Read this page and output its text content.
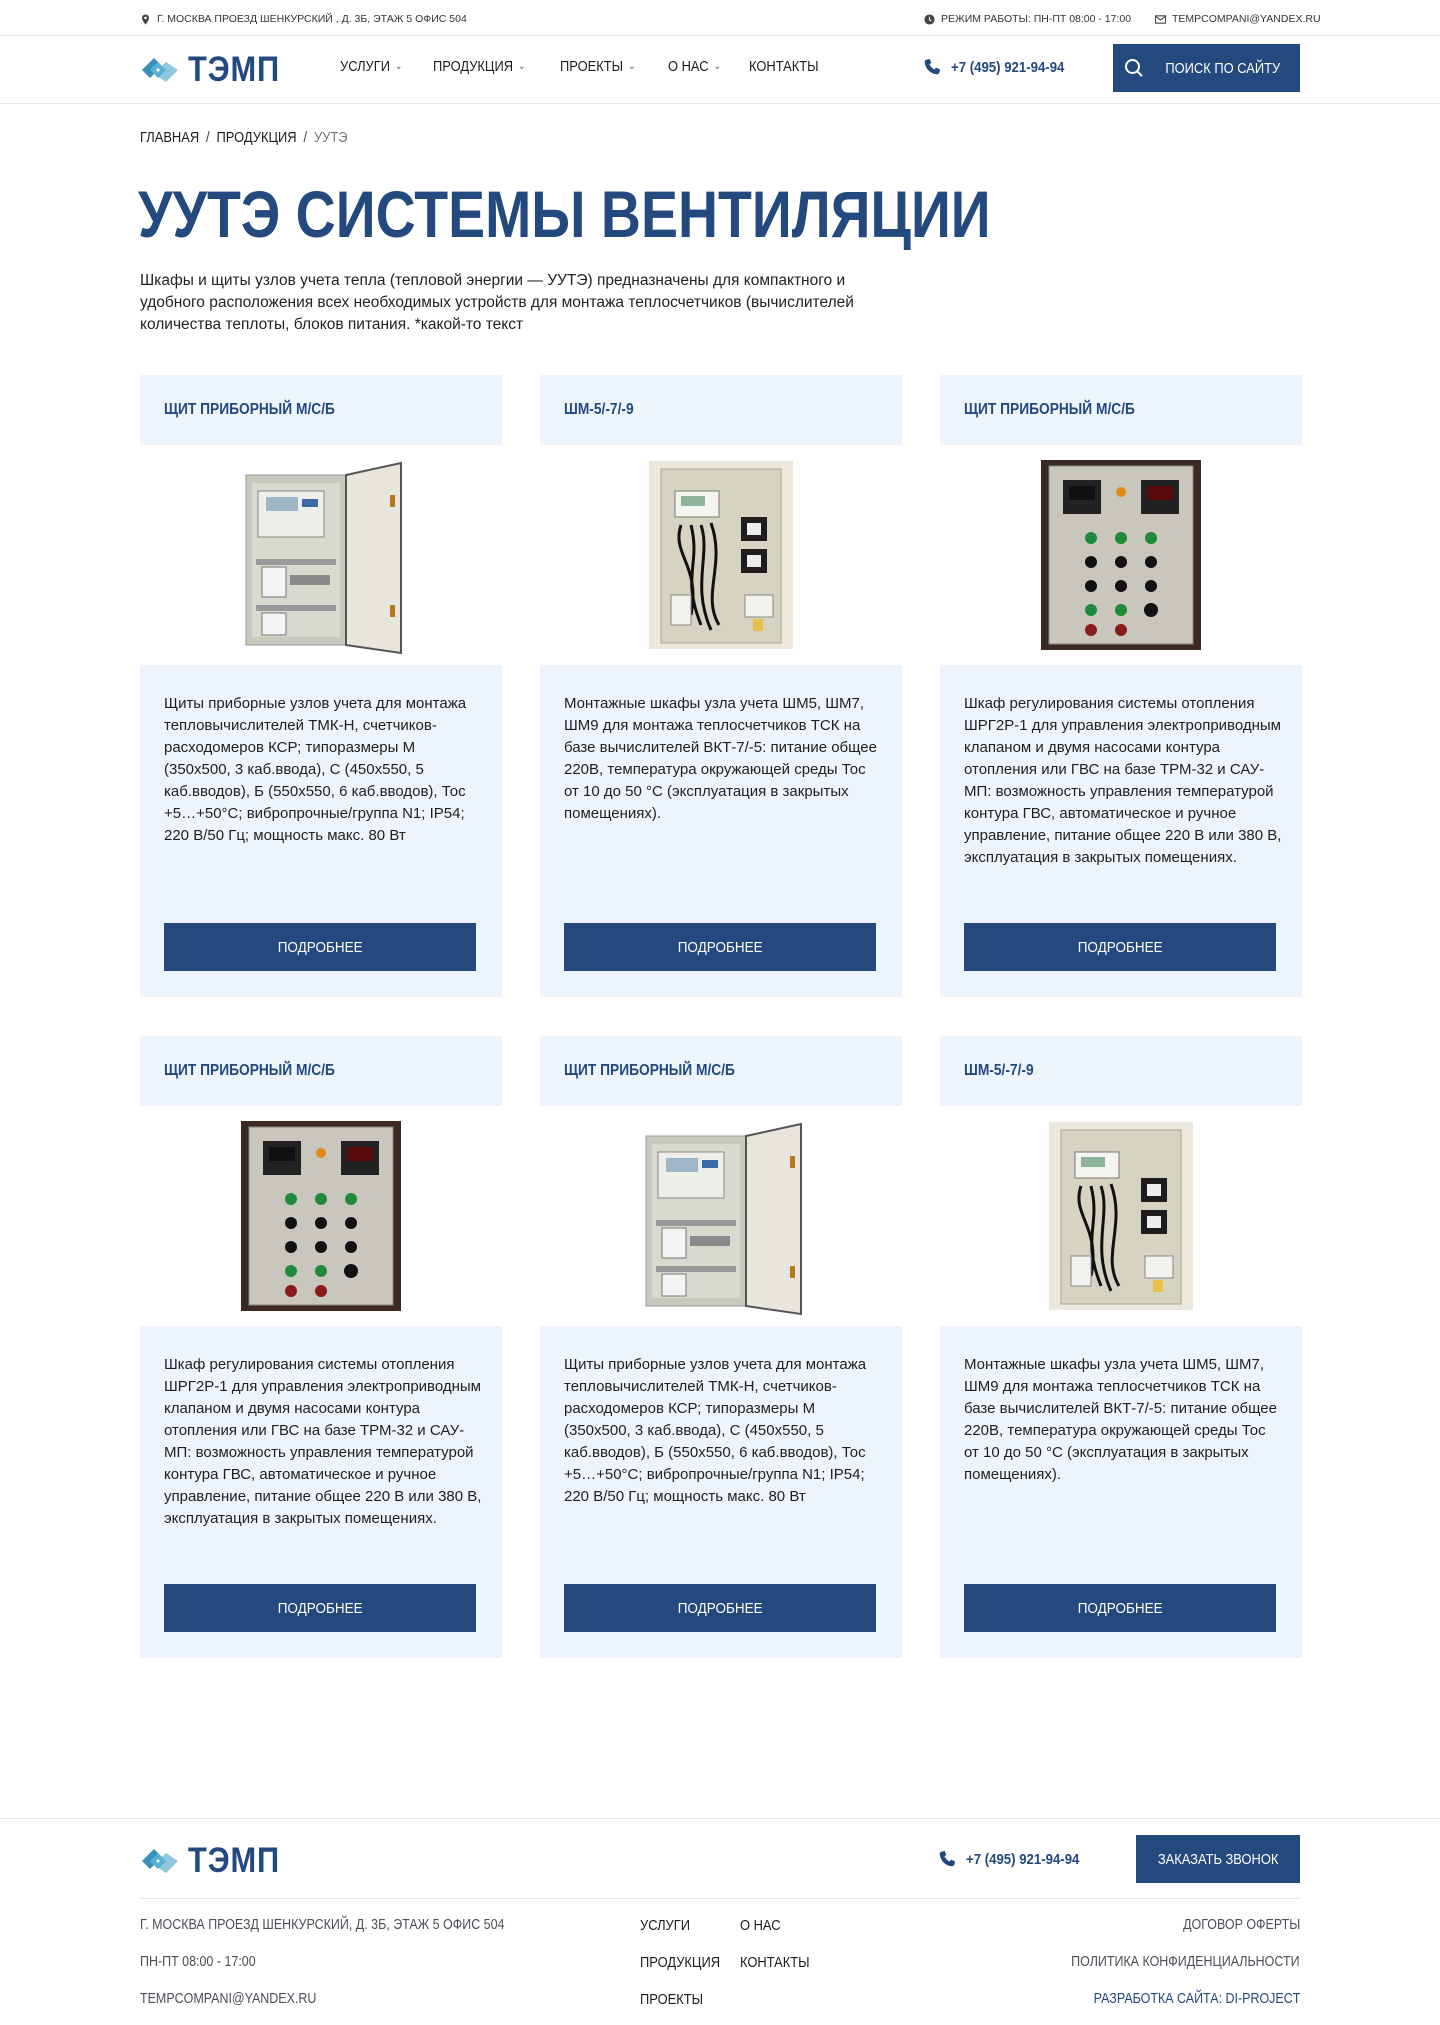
Г. МОСКВА ПРОЕЗД ШЕНКУРСКИЙ , Д. 3Б, ЭТАЖ 5 ОФИС 504	РЕЖИМ РАБОТЫ: ПН-ПТ 08:00 - 17:00	TEMPCOMPANI@YANDEX.RU
ТЭМП	УСЛУГИ ⌄ ПРОДУКЦИЯ ⌄ ПРОЕКТЫ ⌄ О НАС ⌄ КОНТАКТЫ	+7 (495) 921-94-94	ПОИСК ПО САЙТУ
ГЛАВНАЯ / ПРОДУКЦИЯ / УУТЭ
УУТЭ СИСТЕМЫ ВЕНТИЛЯЦИИ

Шкафы и щиты узлов учета тепла (тепловой энергии — УУТЭ) предназначены для компактного и удобного расположения всех необходимых устройств для монтажа теплосчетчиков (вычислителей количества теплоты, блоков питания. *какой-то текст

ЩИТ ПРИБОРНЫЙ М/С/Б
Щиты приборные узлов учета для монтажа тепловычислителей ТМК-Н, счетчиков-расходомеров КСР; типоразмеры М (350x500, 3 каб.ввода), С (450x550, 5 каб.вводов), Б (550x550, 6 каб.вводов), Тос +5…+50°С; вибропрочные/группа N1; IP54; 220 В/50 Гц; мощность макс. 80 Вт
ПОДРОБНЕЕ
ШМ-5/-7/-9
Монтажные шкафы узла учета ШМ5, ШМ7, ШМ9 для монтажа теплосчетчиков ТСК на базе вычислителей ВКТ-7/-5: питание общее 220В, температура окружающей среды Тос от 10 до 50 °С (эксплуатация в закрытых помещениях).
ПОДРОБНЕЕ
ЩИТ ПРИБОРНЫЙ М/С/Б
Шкаф регулирования системы отопления ШРГ2Р-1 для управления электроприводным клапаном и двумя насосами контура отопления или ГВС на базе ТРМ-32 и САУ-МП: возможность управления температурой контура ГВС, автоматическое и ручное управление, питание общее 220 В или 380 В, эксплуатация в закрытых помещениях.
ПОДРОБНЕЕ
ЩИТ ПРИБОРНЫЙ М/С/Б
Шкаф регулирования системы отопления ШРГ2Р-1 для управления электроприводным клапаном и двумя насосами контура отопления или ГВС на базе ТРМ-32 и САУ-МП: возможность управления температурой контура ГВС, автоматическое и ручное управление, питание общее 220 В или 380 В, эксплуатация в закрытых помещениях.
ПОДРОБНЕЕ
ЩИТ ПРИБОРНЫЙ М/С/Б
Щиты приборные узлов учета для монтажа тепловычислителей ТМК-Н, счетчиков-расходомеров КСР; типоразмеры М (350x500, 3 каб.ввода), С (450x550, 5 каб.вводов), Б (550x550, 6 каб.вводов), Тос +5…+50°С; вибропрочные/группа N1; IP54; 220 В/50 Гц; мощность макс. 80 Вт
ПОДРОБНЕЕ
ШМ-5/-7/-9
Монтажные шкафы узла учета ШМ5, ШМ7, ШМ9 для монтажа теплосчетчиков ТСК на базе вычислителей ВКТ-7/-5: питание общее 220В, температура окружающей среды Тос от 10 до 50 °С (эксплуатация в закрытых помещениях).
ПОДРОБНЕЕ
ТЭМП	+7 (495) 921-94-94	ЗАКАЗАТЬ ЗВОНОК
Г. МОСКВА ПРОЕЗД ШЕНКУРСКИЙ, Д. 3Б, ЭТАЖ 5 ОФИС 504
ПН-ПТ 08:00 - 17:00
TEMPCOMPANI@YANDEX.RU
УСЛУГИ
ПРОДУКЦИЯ
ПРОЕКТЫ
О НАС
КОНТАКТЫ
ДОГОВОР ОФЕРТЫ
ПОЛИТИКА КОНФИДЕНЦИАЛЬНОСТИ
РАЗРАБОТКА САЙТА: DI-PROJECT
